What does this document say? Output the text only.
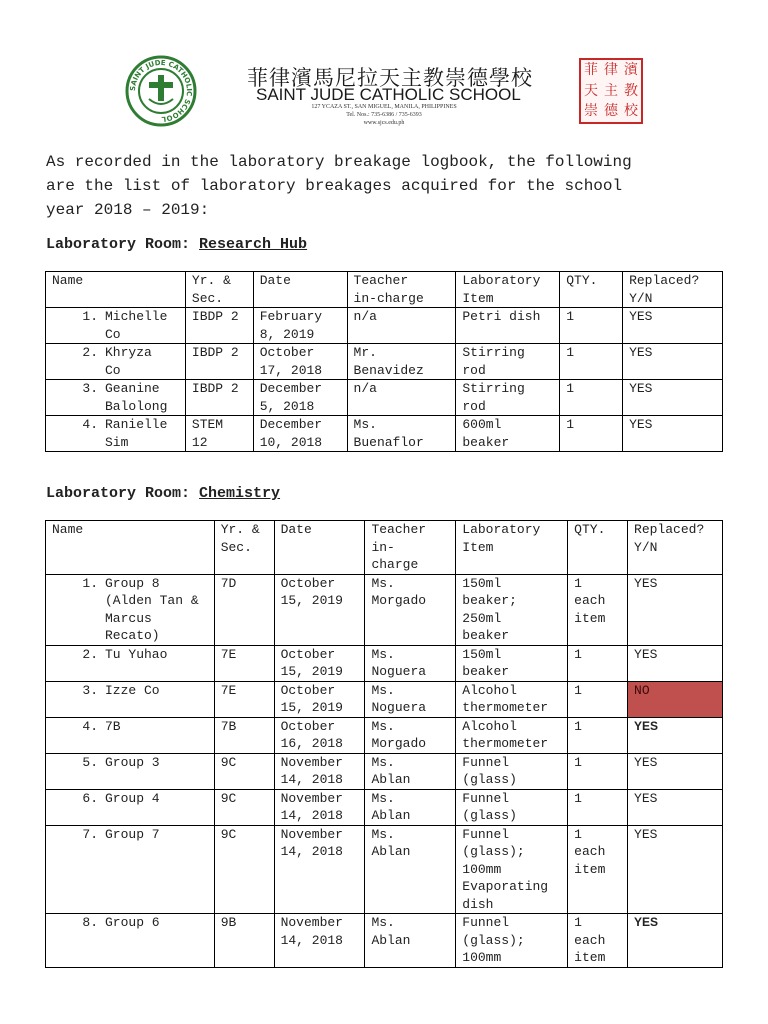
SAINT JUDE CATHOLIC SCHOOL
菲律濱馬尼拉天主教崇德學校
SAINT JUDE CATHOLIC SCHOOL
127 YCAZA ST., SAN MIGUEL, MANILA, PHILIPPINES
Tel. Nos.: 735-6386 / 735-6393
www.sjcs.edu.ph
菲 律 濱
天 主 教
崇 德 校
As recorded in the laboratory breakage logbook, the following
are the list of laboratory breakages acquired for the school
year 2018 – 2019:
Laboratory Room: Research Hub
Name	Yr. &
Sec.	Date	Teacher
in-charge	Laboratory
Item	QTY.	Replaced?
Y/N

1. Michelle
Co	IBDP 2	February
8, 2019	n/a	Petri dish	1	YES

2. Khryza
Co	IBDP 2	October
17, 2018	Mr.
Benavidez	Stirring
rod	1	YES

3. Geanine
Balolong	IBDP 2	December
5, 2018	n/a	Stirring
rod	1	YES

4. Ranielle
Sim	STEM
12	December
10, 2018	Ms.
Buenaflor	600ml
beaker	1	YES
Laboratory Room: Chemistry
Name	Yr. &
Sec.	Date	Teacher
in-
charge	Laboratory
Item	QTY.	Replaced?
Y/N

1. Group 8
(Alden Tan &
Marcus
Recato)	7D	October
15, 2019	Ms.
Morgado	150ml
beaker;
250ml
beaker	1
each
item	YES

2. Tu Yuhao	7E	October
15, 2019	Ms.
Noguera	150ml
beaker	1	YES

3. Izze Co	7E	October
15, 2019	Ms.
Noguera	Alcohol
thermometer	1	NO

4. 7B	7B	October
16, 2018	Ms.
Morgado	Alcohol
thermometer	1	YES

5. Group 3	9C	November
14, 2018	Ms.
Ablan	Funnel
(glass)	1	YES

6. Group 4	9C	November
14, 2018	Ms.
Ablan	Funnel
(glass)	1	YES

7. Group 7	9C	November
14, 2018	Ms.
Ablan	Funnel
(glass);
100mm
Evaporating
dish	1
each
item	YES

8. Group 6	9B	November
14, 2018	Ms.
Ablan	Funnel
(glass);
100mm	1
each
item	YES
